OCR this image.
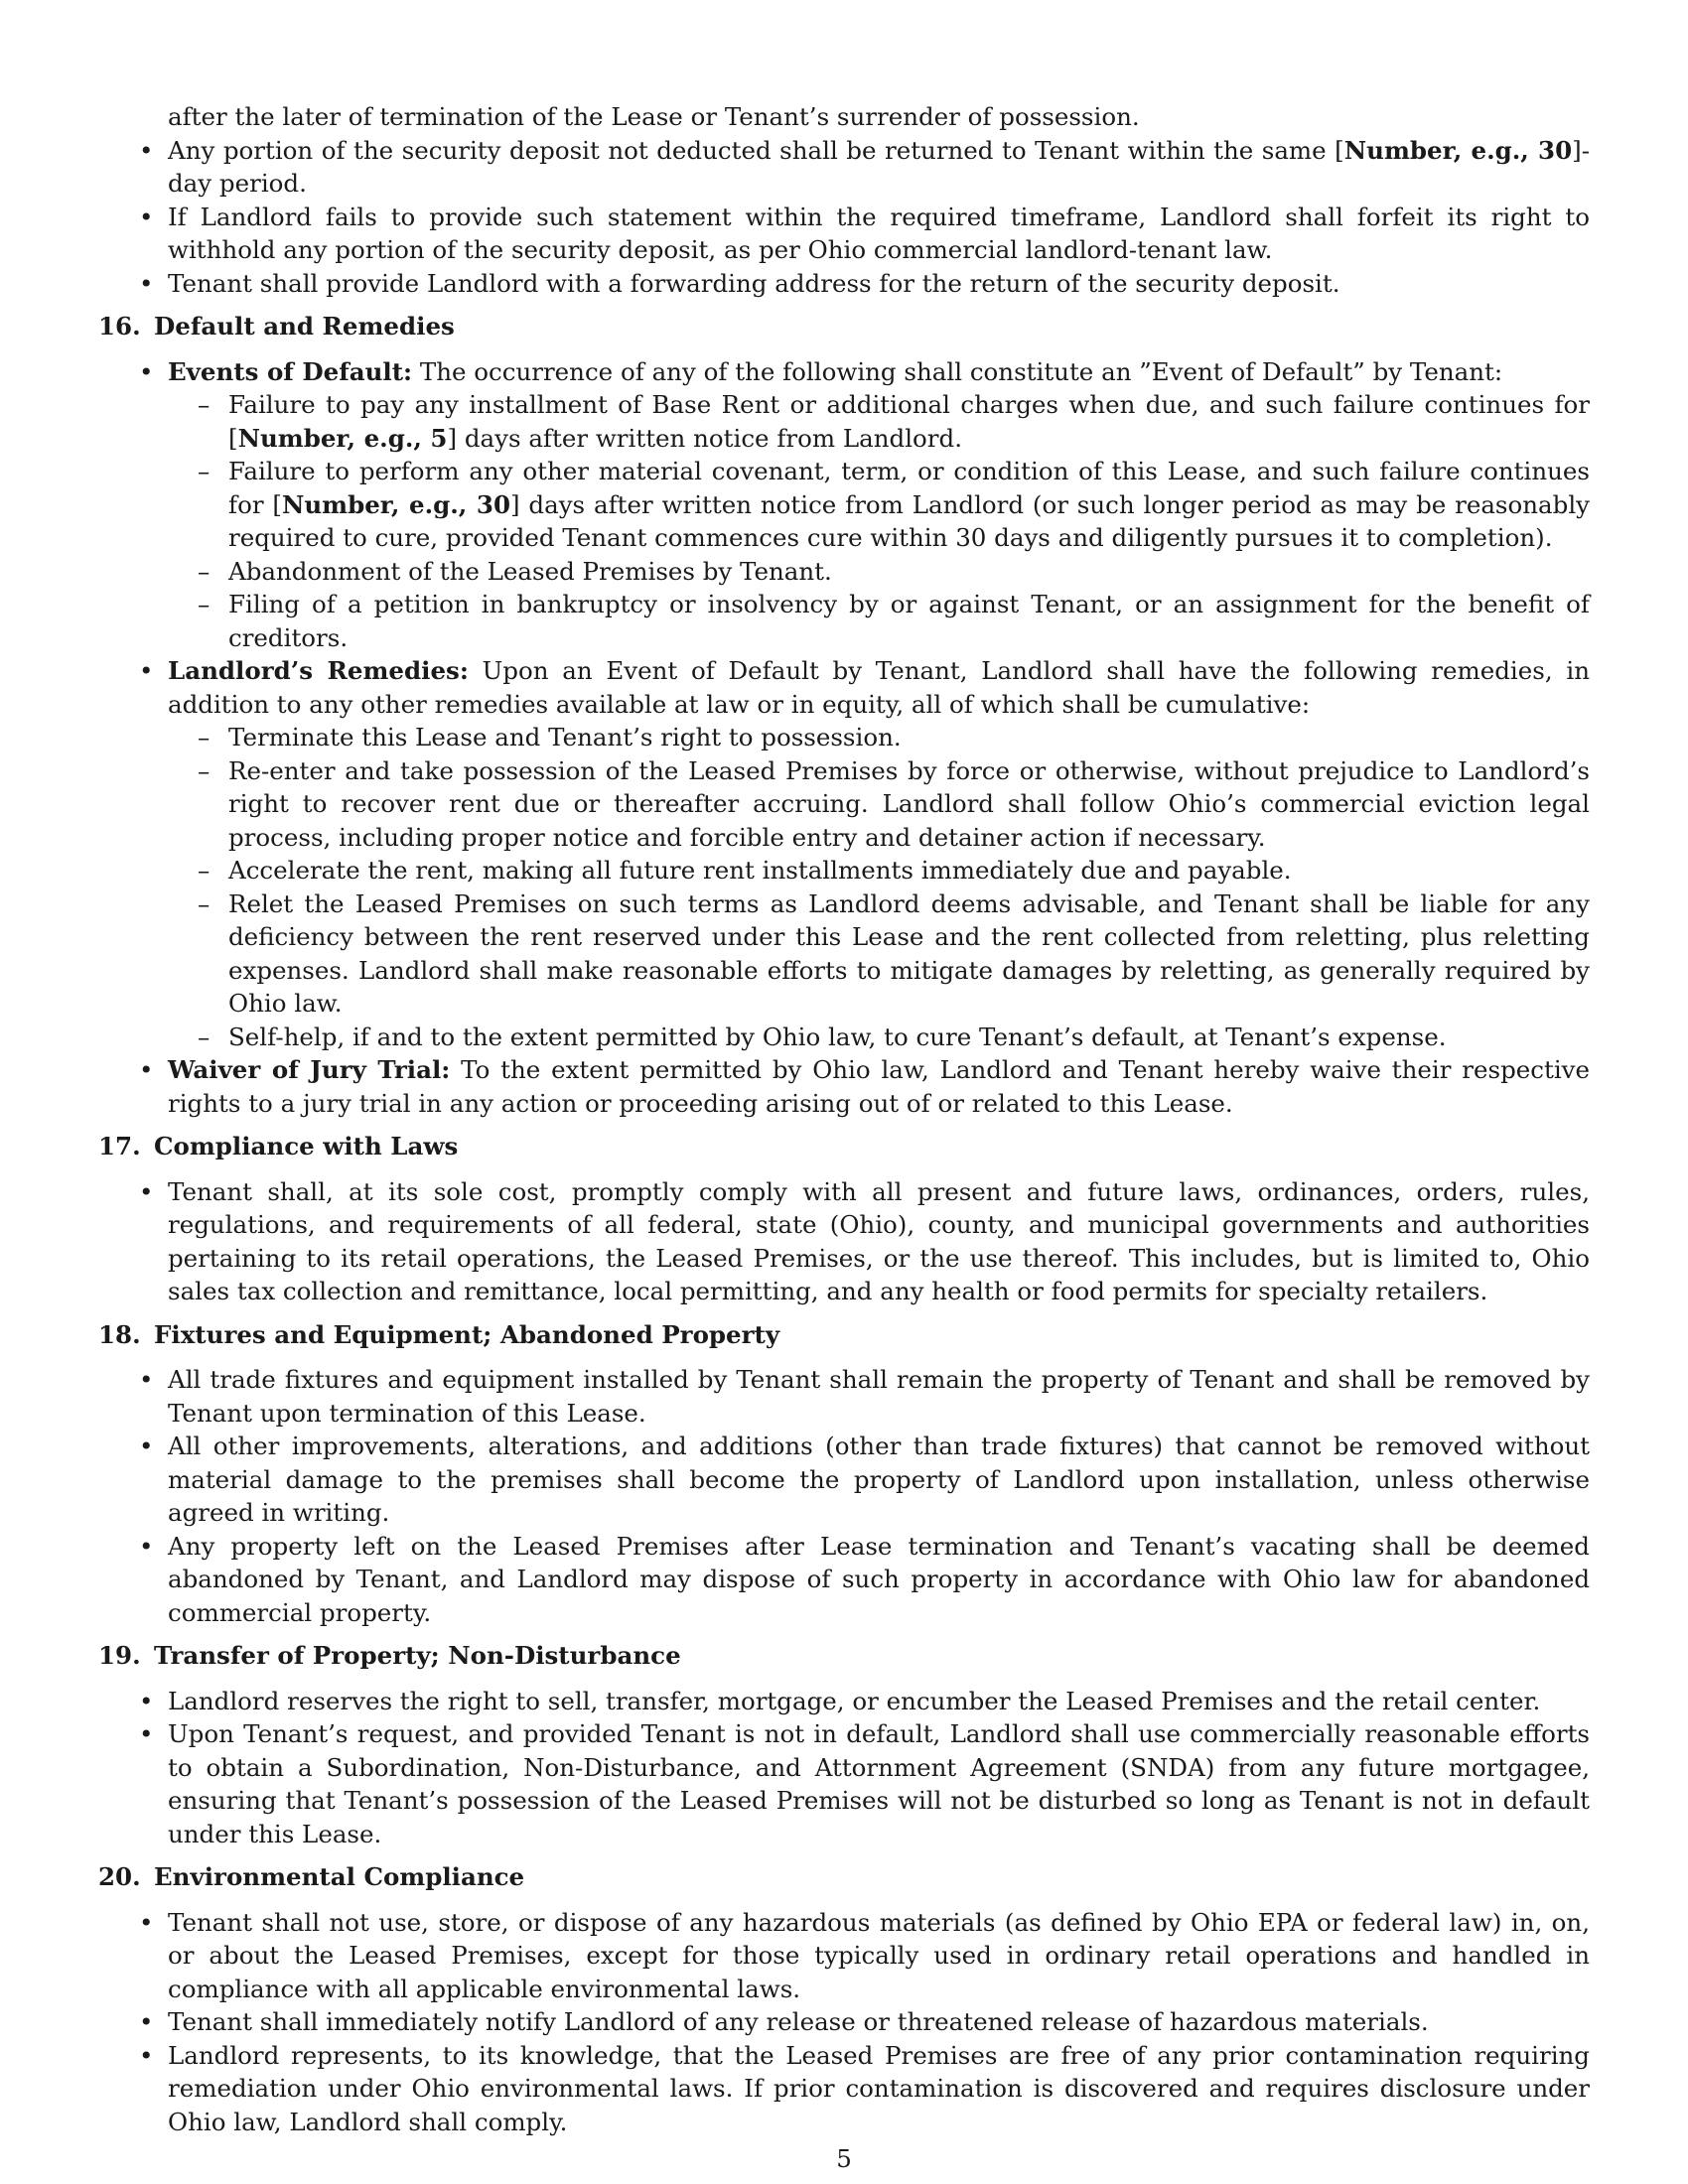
after the later of termination of the Lease or Tenant’s surrender of possession.

• Any portion of the security deposit not deducted shall be returned to Tenant within the same [Number, e.g., 30]-day period.
• If Landlord fails to provide such statement within the required timeframe, Landlord shall forfeit its right to withhold any portion of the security deposit, as per Ohio commercial landlord-tenant law.
• Tenant shall provide Landlord with a forwarding address for the return of the security deposit.
16. Default and Remedies
• Events of Default: The occurrence of any of the following shall constitute an ”Event of Default” by Tenant:
– Failure to pay any installment of Base Rent or additional charges when due, and such failure continues for [Number, e.g., 5] days after written notice from Landlord.
– Failure to perform any other material covenant, term, or condition of this Lease, and such failure continues for [Number, e.g., 30] days after written notice from Landlord (or such longer period as may be reasonably required to cure, provided Tenant commences cure within 30 days and diligently pursues it to completion).
– Abandonment of the Leased Premises by Tenant.
– Filing of a petition in bankruptcy or insolvency by or against Tenant, or an assignment for the benefit of creditors.
• Landlord’s Remedies: Upon an Event of Default by Tenant, Landlord shall have the following remedies, in addition to any other remedies available at law or in equity, all of which shall be cumulative:
– Terminate this Lease and Tenant’s right to possession.
– Re-enter and take possession of the Leased Premises by force or otherwise, without prejudice to Landlord’s right to recover rent due or thereafter accruing. Landlord shall follow Ohio’s commercial eviction legal process, including proper notice and forcible entry and detainer action if necessary.
– Accelerate the rent, making all future rent installments immediately due and payable.
– Relet the Leased Premises on such terms as Landlord deems advisable, and Tenant shall be liable for any deficiency between the rent reserved under this Lease and the rent collected from reletting, plus reletting expenses. Landlord shall make reasonable efforts to mitigate damages by reletting, as generally required by Ohio law.
– Self-help, if and to the extent permitted by Ohio law, to cure Tenant’s default, at Tenant’s expense.
• Waiver of Jury Trial: To the extent permitted by Ohio law, Landlord and Tenant hereby waive their respective rights to a jury trial in any action or proceeding arising out of or related to this Lease.
17. Compliance with Laws
• Tenant shall, at its sole cost, promptly comply with all present and future laws, ordinances, orders, rules, regulations, and requirements of all federal, state (Ohio), county, and municipal governments and authorities pertaining to its retail operations, the Leased Premises, or the use thereof. This includes, but is limited to, Ohio sales tax collection and remittance, local permitting, and any health or food permits for specialty retailers.
18. Fixtures and Equipment; Abandoned Property
• All trade fixtures and equipment installed by Tenant shall remain the property of Tenant and shall be removed by Tenant upon termination of this Lease.
• All other improvements, alterations, and additions (other than trade fixtures) that cannot be removed without material damage to the premises shall become the property of Landlord upon installation, unless otherwise agreed in writing.
• Any property left on the Leased Premises after Lease termination and Tenant’s vacating shall be deemed abandoned by Tenant, and Landlord may dispose of such property in accordance with Ohio law for abandoned commercial property.
19. Transfer of Property; Non-Disturbance
• Landlord reserves the right to sell, transfer, mortgage, or encumber the Leased Premises and the retail center.
• Upon Tenant’s request, and provided Tenant is not in default, Landlord shall use commercially reasonable efforts to obtain a Subordination, Non-Disturbance, and Attornment Agreement (SNDA) from any future mortgagee, ensuring that Tenant’s possession of the Leased Premises will not be disturbed so long as Tenant is not in default under this Lease.
20. Environmental Compliance
• Tenant shall not use, store, or dispose of any hazardous materials (as defined by Ohio EPA or federal law) in, on, or about the Leased Premises, except for those typically used in ordinary retail operations and handled in compliance with all applicable environmental laws.
• Tenant shall immediately notify Landlord of any release or threatened release of hazardous materials.
• Landlord represents, to its knowledge, that the Leased Premises are free of any prior contamination requiring remediation under Ohio environmental laws. If prior contamination is discovered and requires disclosure under Ohio law, Landlord shall comply.
5
